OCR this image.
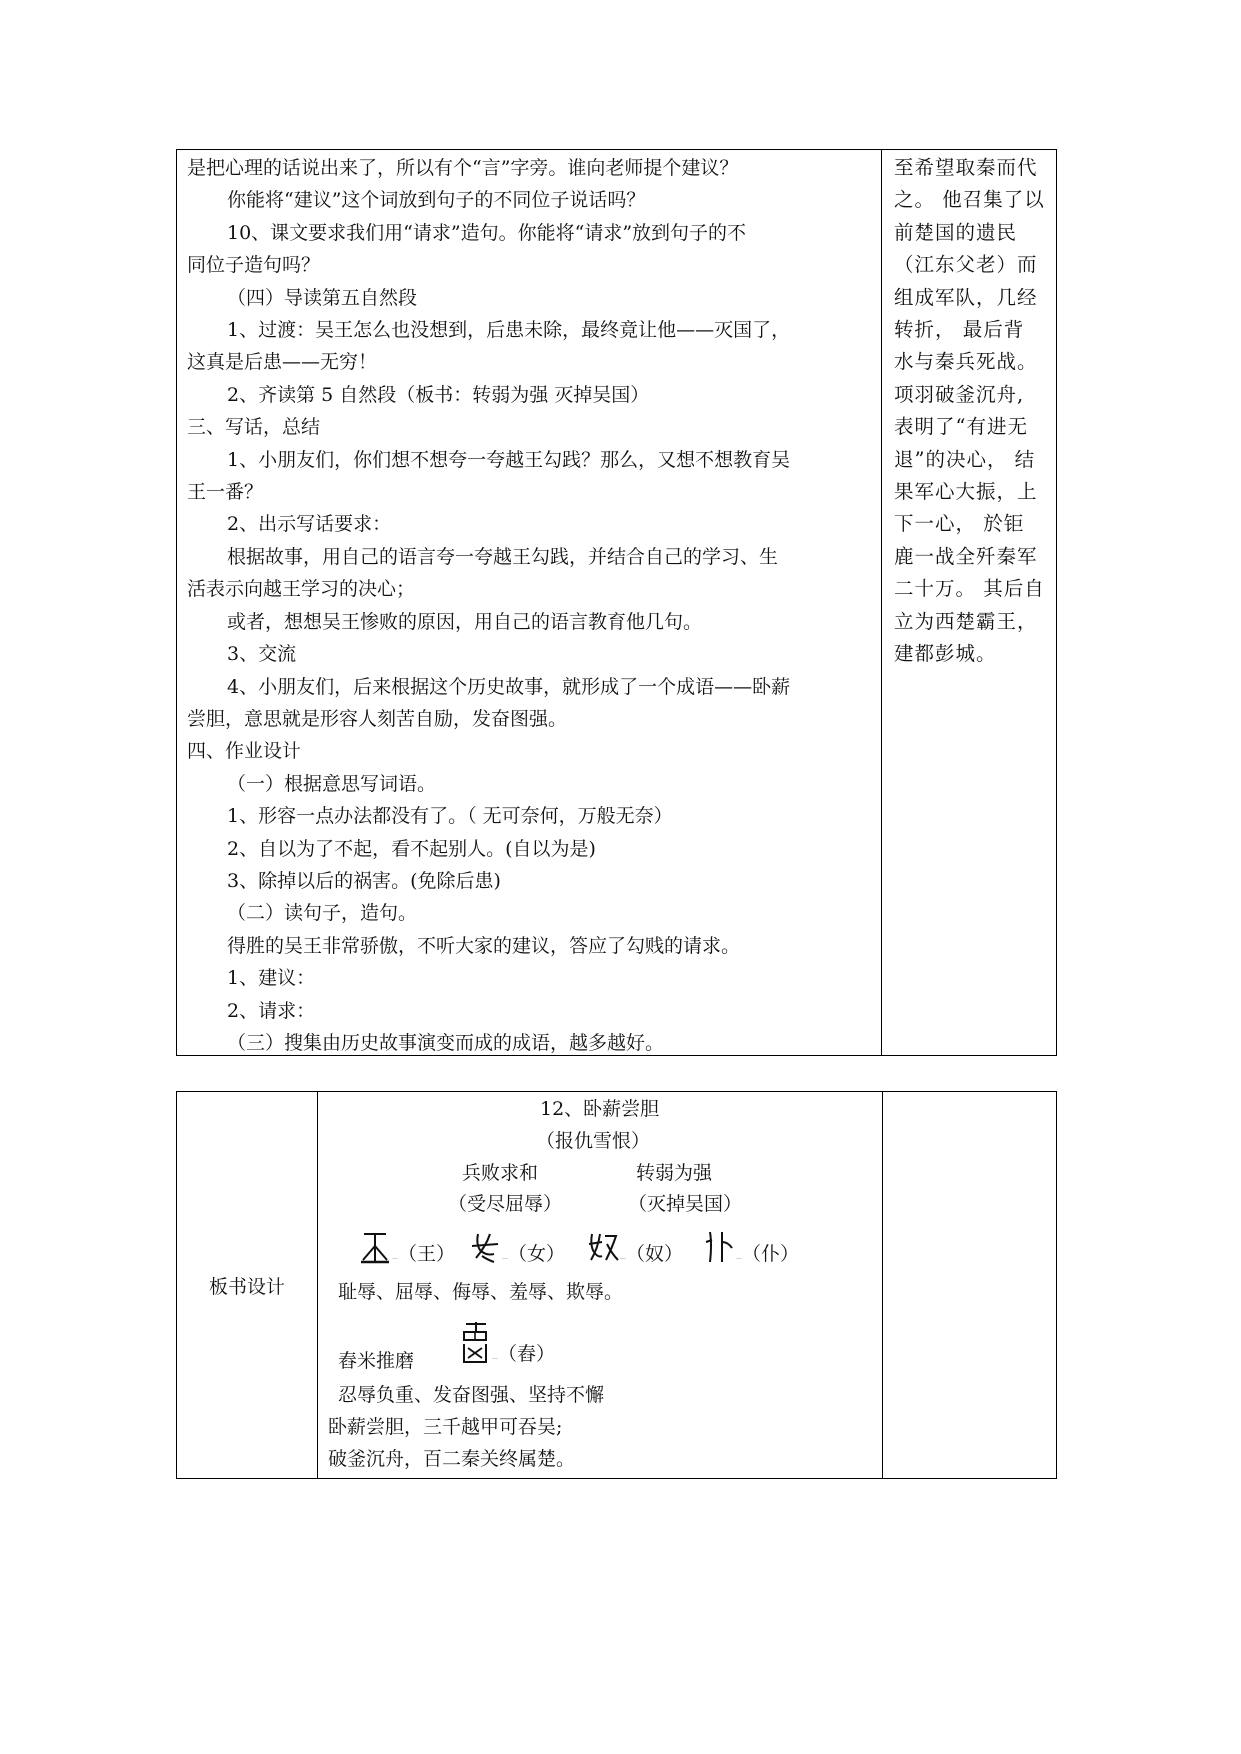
是把心理的话说出来了，所以有个“言”字旁。谁向老师提个建议？
你能将“建议”这个词放到句子的不同位子说话吗？
10、课文要求我们用“请求”造句。你能将“请求”放到句子的不
同位子造句吗？
（四）导读第五自然段
1、过渡：吴王怎么也没想到，后患未除，最终竟让他——灭国了，
这真是后患——无穷！
2、齐读第 5 自然段（板书：转弱为强 灭掉吴国）
三、写话，总结
1、小朋友们，你们想不想夸一夸越王勾践？那么，又想不想教育吴
王一番？
2、出示写话要求：
根据故事，用自己的语言夸一夸越王勾践，并结合自己的学习、生
活表示向越王学习的决心；
或者，想想吴王惨败的原因，用自己的语言教育他几句。
3、交流
4、小朋友们，后来根据这个历史故事，就形成了一个成语——卧薪
尝胆，意思就是形容人刻苦自励，发奋图强。
四、作业设计
（一）根据意思写词语。
1、形容一点办法都没有了。（ 无可奈何，万般无奈）
2、自以为了不起，看不起别人。(自以为是)
3、除掉以后的祸害。(免除后患)
（二）读句子，造句。
得胜的吴王非常骄傲，不听大家的建议，答应了勾贱的请求。
1、建议：
2、请求：
（三）搜集由历史故事演变而成的成语，越多越好。
至希望取秦而代
之。 他召集了以
前楚国的遗民
（江东父老）而
组成军队，几经
转折， 最后背
水与秦兵死战。
项羽破釜沉舟,
表明了“有进无
退”的决心， 结
果军心大振，上
下一心， 於钜
鹿一战全歼秦军
二十万。 其后自
立为西楚霸王，
建都彭城。
板书设计
12、卧薪尝胆
（报仇雪恨）
兵败求和	转弱为强
（受尽屈辱）	（灭掉吴国）
—（王）	—（女）	—（奴）	—（仆）
耻辱、屈辱、侮辱、羞辱、欺辱。
舂米推磨	—（舂）
忍辱负重、发奋图强、坚持不懈
卧薪尝胆，三千越甲可吞吴;
破釜沉舟，百二秦关终属楚。
